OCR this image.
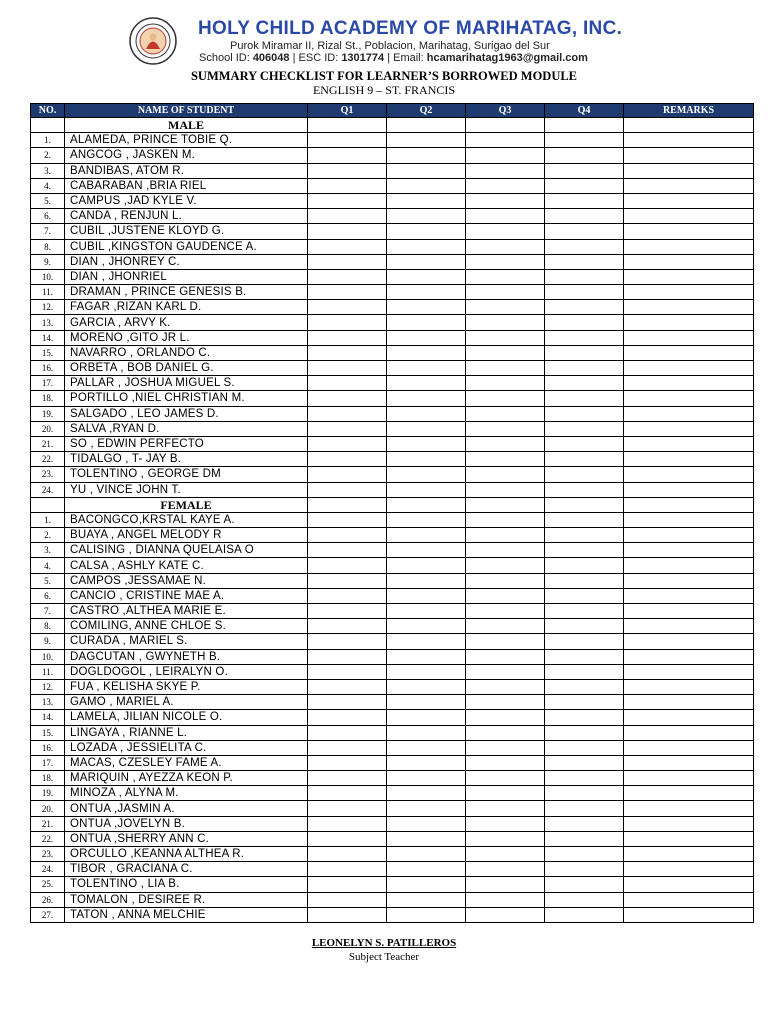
HOLY CHILD ACADEMY OF MARIHATAG, INC.
Purok Miramar II, Rizal St., Poblacion, Marihatag, Surigao del Sur
School ID: 406048 | ESC ID: 1301774 | Email: hcamarihatag1963@gmail.com
SUMMARY CHECKLIST FOR LEARNER’S BORROWED MODULE
ENGLISH 9 – ST. FRANCIS
NO.	NAME OF STUDENT	Q1	Q2	Q3	Q4	REMARKS
	MALE					
1.	ALAMEDA, PRINCE TOBIE Q.					
2.	ANGCOG , JASKEN M.					
3.	BANDIBAS, ATOM R.					
4.	CABARABAN ,BRIA RIEL					
5.	CAMPUS ,JAD KYLE V.					
6.	CANDA , RENJUN L.					
7.	CUBIL ,JUSTENE KLOYD G.					
8.	CUBIL ,KINGSTON GAUDENCE A.					
9.	DIAN , JHONREY C.					
10.	DIAN , JHONRIEL					
11.	DRAMAN , PRINCE GENESIS B.					
12.	FAGAR ,RIZAN KARL D.					
13.	GARCIA , ARVY K.					
14.	MORENO ,GITO JR L.					
15.	NAVARRO , ORLANDO C.					
16.	ORBETA , BOB DANIEL G.					
17.	PALLAR , JOSHUA MIGUEL S.					
18.	PORTILLO ,NIEL CHRISTIAN M.					
19.	SALGADO , LEO JAMES D.					
20.	SALVA ,RYAN D.					
21.	SO , EDWIN PERFECTO					
22.	TIDALGO , T- JAY B.					
23.	TOLENTINO , GEORGE DM					
24.	YU , VINCE JOHN T.					
	FEMALE					
1.	BACONGCO,KRSTAL KAYE A.					
2.	BUAYA , ANGEL MELODY R					
3.	CALISING , DIANNA QUELAISA O					
4.	CALSA , ASHLY KATE C.					
5.	CAMPOS ,JESSAMAE N.					
6.	CANCIO , CRISTINE MAE A.					
7.	CASTRO ,ALTHEA MARIE E.					
8.	COMILING, ANNE CHLOE S.					
9.	CURADA , MARIEL S.					
10.	DAGCUTAN , GWYNETH B.					
11.	DOGLDOGOL , LEIRALYN O.					
12.	FUA , KELISHA SKYE P.					
13.	GAMO , MARIEL A.					
14.	LAMELA, JILIAN NICOLE O.					
15.	LINGAYA , RIANNE L.					
16.	LOZADA , JESSIELITA C.					
17.	MACAS, CZESLEY FAME A.					
18.	MARIQUIN , AYEZZA KEON P.					
19.	MINOZA , ALYNA M.					
20.	ONTUA ,JASMIN A.					
21.	ONTUA ,JOVELYN B.					
22.	ONTUA ,SHERRY ANN C.					
23.	ORCULLO ,KEANNA ALTHEA R.					
24.	TIBOR , GRACIANA C.					
25.	TOLENTINO , LIA B.					
26.	TOMALON , DESIREE R.					
27.	TATON , ANNA MELCHIE					
LEONELYN S. PATILLEROS
Subject Teacher
